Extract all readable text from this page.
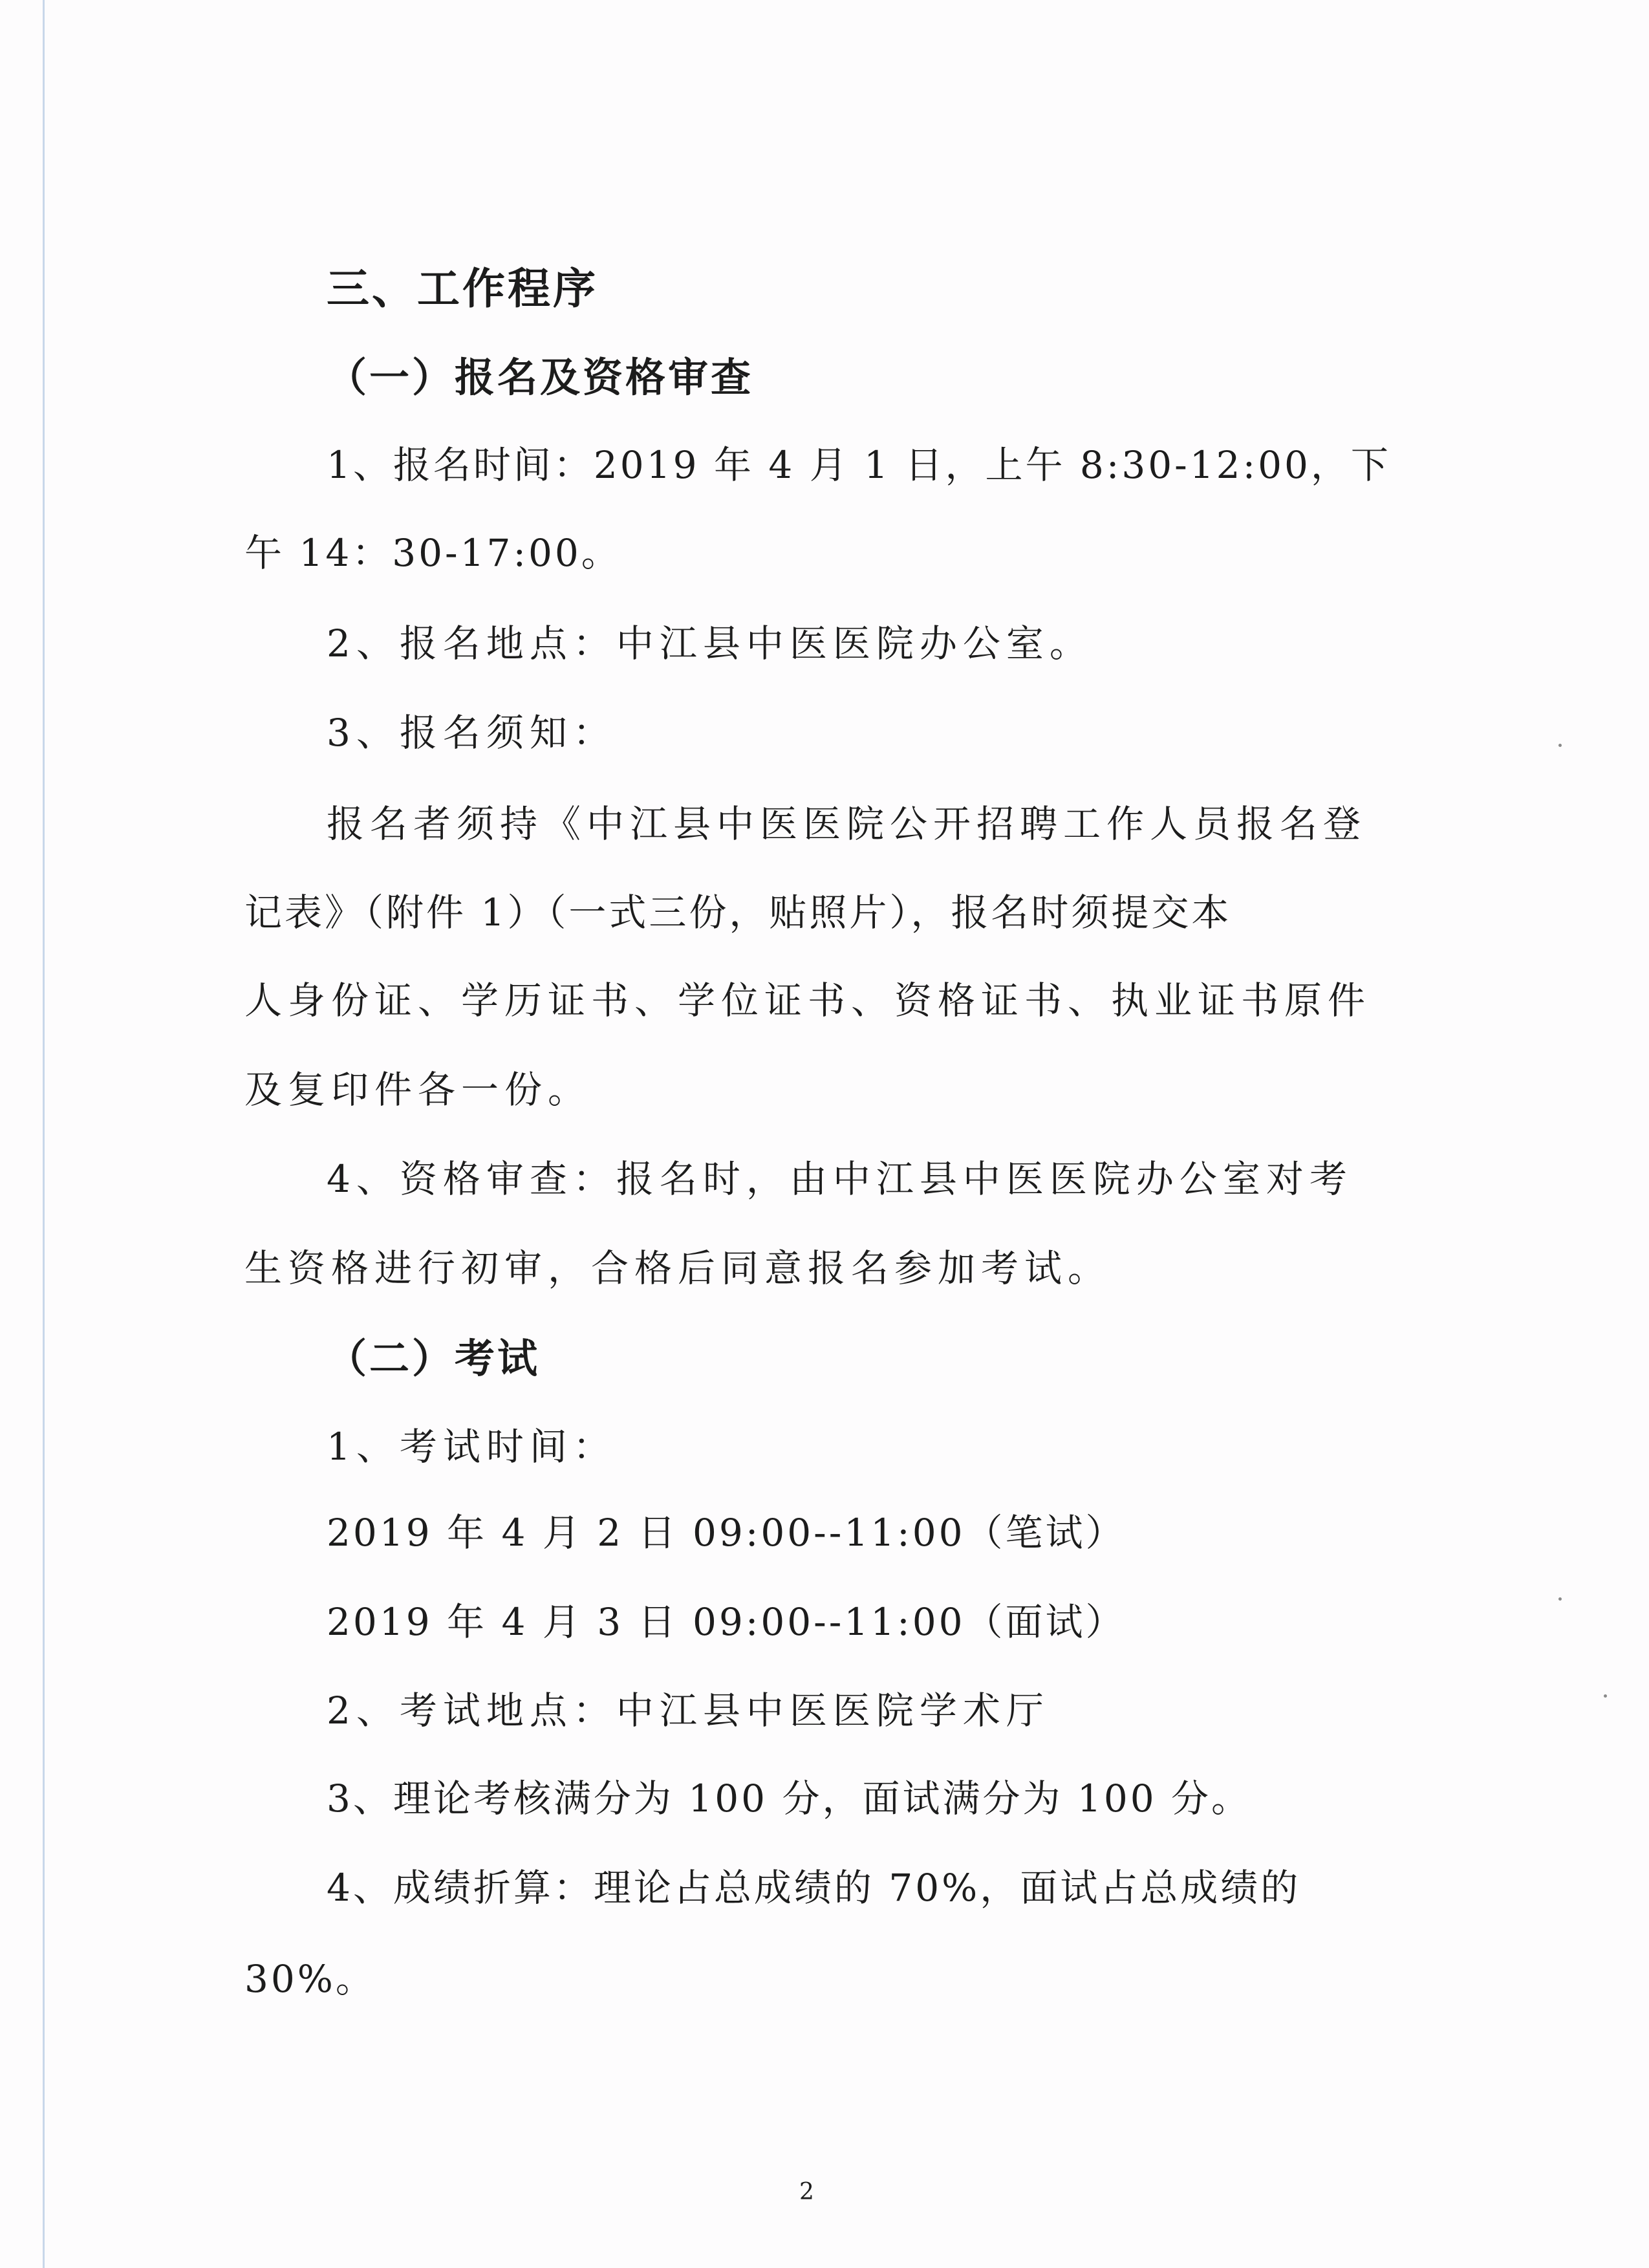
三、工作程序
（一）报名及资格审查
1、报名时间：2019 年 4 月 1 日，上午 8:30-12:00，下
午 14：30-17:00。
2、报名地点：中江县中医医院办公室。
3、报名须知：
报名者须持《中江县中医医院公开招聘工作人员报名登
记表》（附件 1）（一式三份，贴照片），报名时须提交本
人身份证、学历证书、学位证书、资格证书、执业证书原件
及复印件各一份。
4、资格审查：报名时，由中江县中医医院办公室对考
生资格进行初审，合格后同意报名参加考试。
（二）考试
1、考试时间：
2019 年 4 月 2 日 09:00--11:00（笔试）
2019 年 4 月 3 日 09:00--11:00（面试）
2、考试地点：中江县中医医院学术厅
3、理论考核满分为 100 分，面试满分为 100 分。
4、成绩折算：理论占总成绩的 70%，面试占总成绩的
30%。
2
